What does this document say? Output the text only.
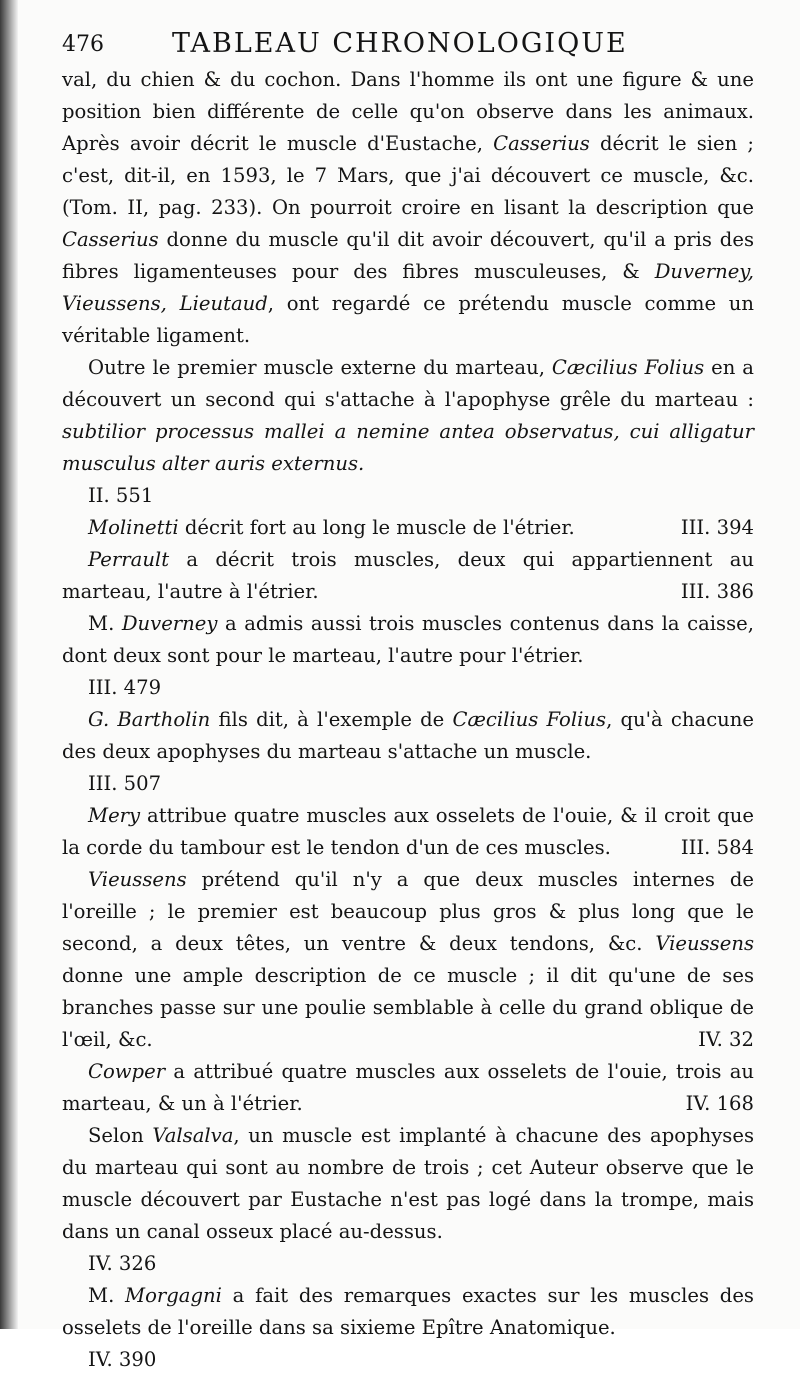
476	TABLEAU CHRONOLOGIQUE

val, du chien & du cochon. Dans l'homme ils ont une figure & une position bien différente de celle qu'on observe dans les animaux. Après avoir décrit le muscle d'Eustache, Casserius décrit le sien ; c'est, dit-il, en 1593, le 7 Mars, que j'ai découvert ce muscle, &c. (Tom. II, pag. 233). On pourroit croire en lisant la description que Casserius donne du muscle qu'il dit avoir découvert, qu'il a pris des fibres ligamenteuses pour des fibres musculeuses, & Duverney, Vieussens, Lieutaud, ont regardé ce prétendu muscle comme un véritable ligament.

Outre le premier muscle externe du marteau, Cæcilius Folius en a découvert un second qui s'attache à l'apophyse grêle du marteau : subtilior processus mallei a nemine antea observatus, cui alligatur musculus alter auris externus.
II. 551

III. 394
Molinetti décrit fort au long le muscle de l'étrier.

Perrault a décrit trois muscles, deux qui appartiennent au marteau, l'autre à l'étrier.	III. 386

M. Duverney a admis aussi trois muscles contenus dans la caisse, dont deux sont pour le marteau, l'autre pour l'étrier.
III. 479

G. Bartholin fils dit, à l'exemple de Cæcilius Folius, qu'à chacune des deux apophyses du marteau s'attache un muscle.
III. 507

Mery attribue quatre muscles aux osselets de l'ouie, & il croit que la corde du tambour est le tendon d'un de ces muscles.	III. 584

Vieussens prétend qu'il n'y a que deux muscles internes de l'oreille ; le premier est beaucoup plus gros & plus long que le second, a deux têtes, un ventre & deux tendons, &c. Vieussens donne une ample description de ce muscle ; il dit qu'une de ses branches passe sur une poulie semblable à celle du grand oblique de l'œil, &c.	IV. 32

Cowper a attribué quatre muscles aux osselets de l'ouie, trois au marteau, & un à l'étrier.	IV. 168

Selon Valsalva, un muscle est implanté à chacune des apophyses du marteau qui sont au nombre de trois ; cet Auteur observe que le muscle découvert par Eustache n'est pas logé dans la trompe, mais dans un canal osseux placé au-dessus.
IV. 326

M. Morgagni a fait des remarques exactes sur les muscles des osselets de l'oreille dans sa sixieme Epître Anatomique.
IV. 390
